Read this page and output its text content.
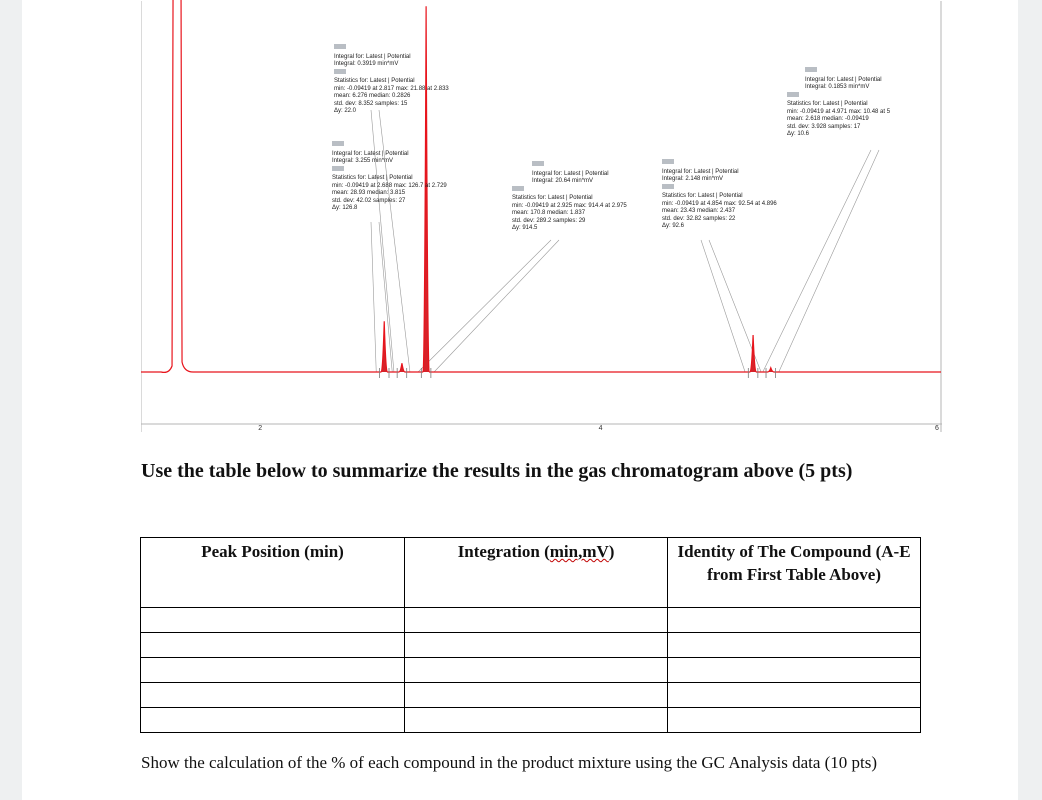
2	4	6
Integral for: Latest | Potential
Integral: 0.3919 min*mV
Statistics for: Latest | Potential
min: -0.09419 at 2.817 max: 21.88 at 2.833
mean: 6.276 median: 0.2826
std. dev: 8.352 samples: 15
Δy: 22.0
Integral for: Latest | Potential
Integral: 3.255 min*mV
Statistics for: Latest | Potential
min: -0.09419 at 2.688 max: 126.7 at 2.729
mean: 28.93 median: 3.815
std. dev: 42.02 samples: 27
Δy: 126.8
Integral for: Latest | Potential
Integral: 20.64 min*mV
Statistics for: Latest | Potential
min: -0.09419 at 2.925 max: 914.4 at 2.975
mean: 170.8 median: 1.837
std. dev: 289.2 samples: 29
Δy: 914.5
Integral for: Latest | Potential
Integral: 2.148 min*mV
Statistics for: Latest | Potential
min: -0.09419 at 4.854 max: 92.54 at 4.896
mean: 23.43 median: 2.437
std. dev: 32.82 samples: 22
Δy: 92.6
Integral for: Latest | Potential
Integral: 0.1853 min*mV
Statistics for: Latest | Potential
min: -0.09419 at 4.971 max: 10.48 at 5
mean: 2.618 median: -0.09419
std. dev: 3.928 samples: 17
Δy: 10.6
Use the table below to summarize the results in the gas chromatogram above (5 pts)
Peak Position (min)	Integration (min,mV)	Identity of The Compound (A-E from First Table Above)

Show the calculation of the % of each compound in the product mixture using the GC Analysis data (10 pts)
